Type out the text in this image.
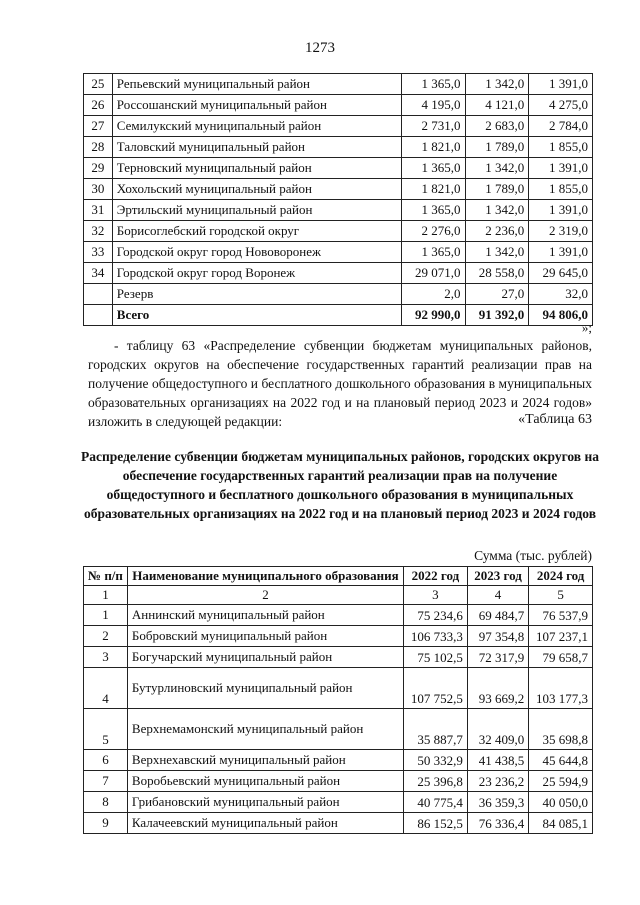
1273
25	Репьевский муниципальный район	1 365,0	1 342,0	1 391,0
26	Россошанский муниципальный район	4 195,0	4 121,0	4 275,0
27	Семилукский муниципальный район	2 731,0	2 683,0	2 784,0
28	Таловский муниципальный район	1 821,0	1 789,0	1 855,0
29	Терновский муниципальный район	1 365,0	1 342,0	1 391,0
30	Хохольский муниципальный район	1 821,0	1 789,0	1 855,0
31	Эртильский муниципальный район	1 365,0	1 342,0	1 391,0
32	Борисоглебский городской округ	2 276,0	2 236,0	2 319,0
33	Городской округ город Нововоронеж	1 365,0	1 342,0	1 391,0
34	Городской округ город Воронеж	29 071,0	28 558,0	29 645,0
	Резерв	2,0	27,0	32,0
	Всего	92 990,0	91 392,0	94 806,0
»;
- таблицу 63 «Распределение субвенции бюджетам муниципальных районов, городских округов на обеспечение государственных гарантий реализации прав на получение общедоступного и бесплатного дошкольного образования в муниципальных образовательных организациях на 2022 год и на плановый период 2023 и 2024 годов» изложить в следующей редакции:	«Таблица 63
Распределение субвенции бюджетам муниципальных районов, городских округов на обеспечение государственных гарантий реализации прав на получение общедоступного и бесплатного дошкольного образования в муниципальных образовательных организациях на 2022 год и на плановый период 2023 и 2024 годов
Сумма (тыс. рублей)
№ п/п	Наименование муниципального образования	2022 год	2023 год	2024 год
1	2	3	4	5
1	Аннинский муниципальный район	75 234,6	69 484,7	76 537,9
2	Бобровский муниципальный район	106 733,3	97 354,8	107 237,1
3	Богучарский муниципальный район	75 102,5	72 317,9	79 658,7
4	Бутурлиновский муниципальный район	107 752,5	93 669,2	103 177,3
5	Верхнемамонский муниципальный район	35 887,7	32 409,0	35 698,8
6	Верхнехавский муниципальный район	50 332,9	41 438,5	45 644,8
7	Воробьевский муниципальный район	25 396,8	23 236,2	25 594,9
8	Грибановский муниципальный район	40 775,4	36 359,3	40 050,0
9	Калачеевский муниципальный район	86 152,5	76 336,4	84 085,1
